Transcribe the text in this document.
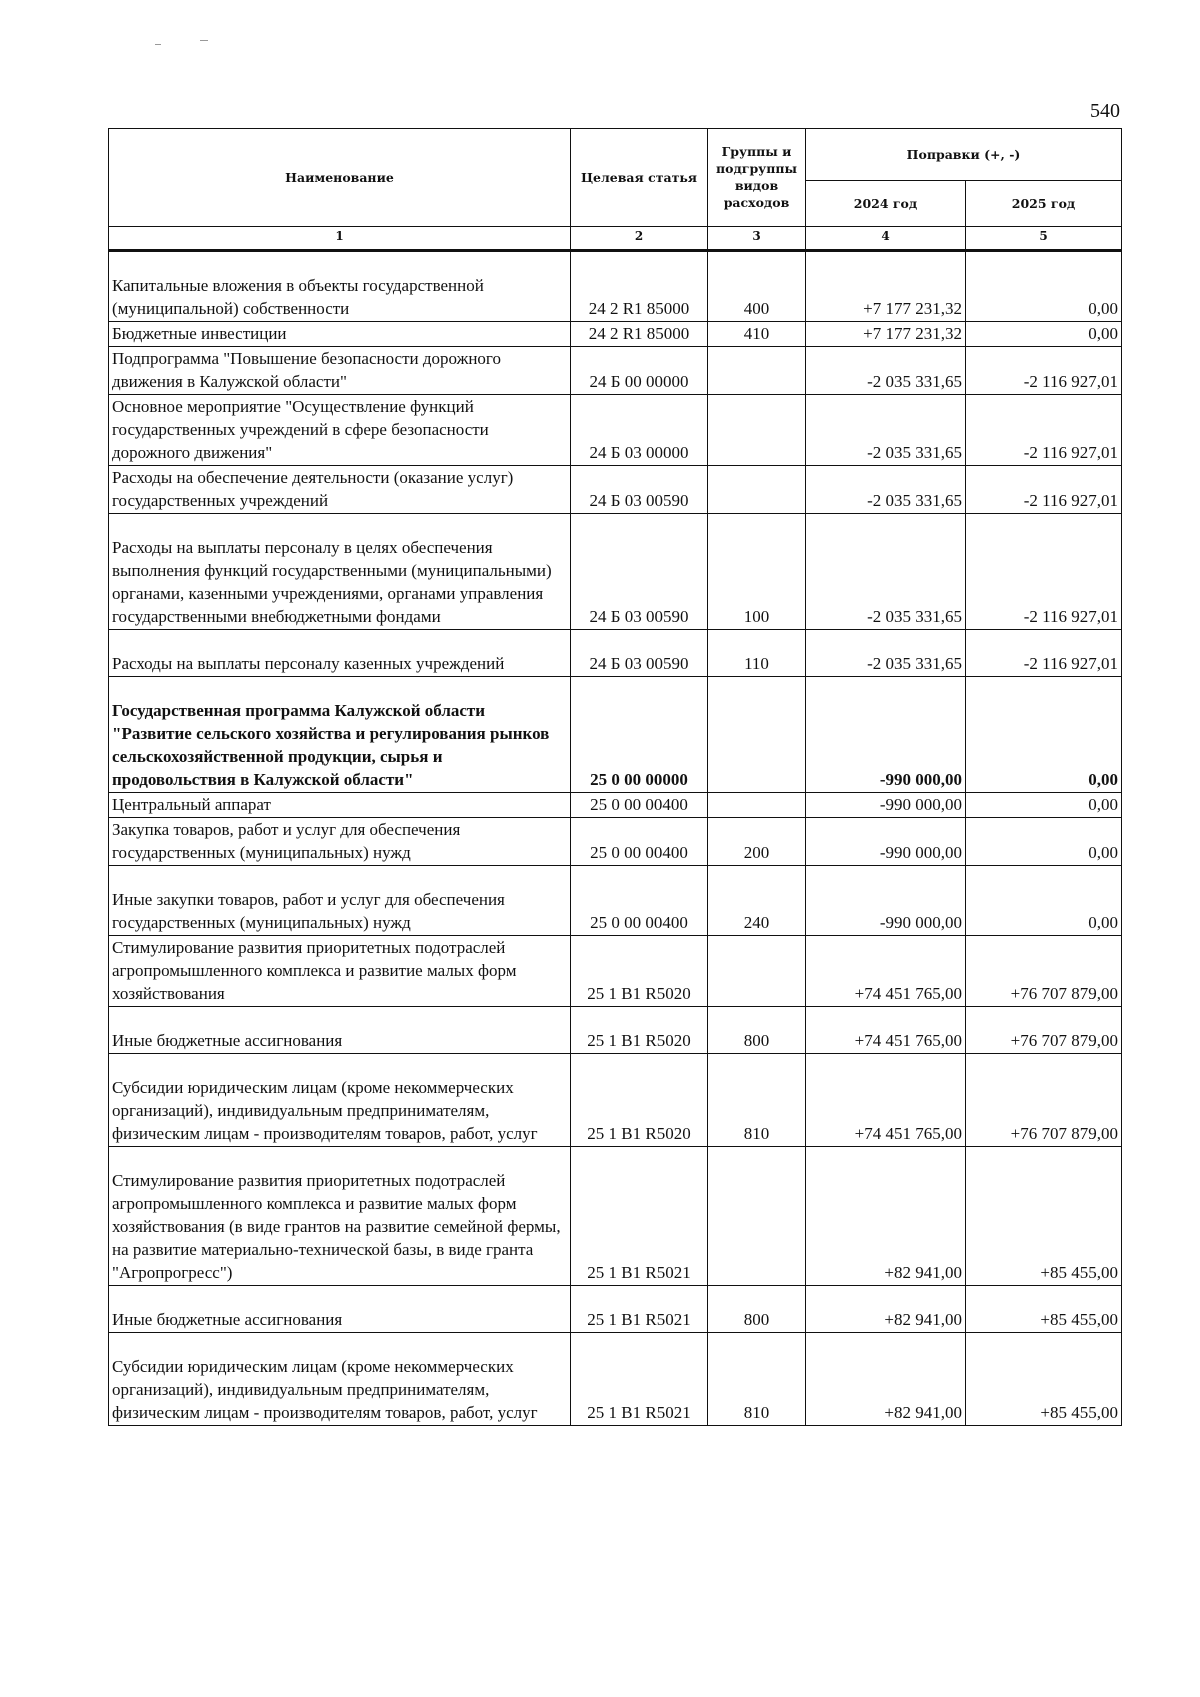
540
Наименование	Целевая статья	Группы и подгруппы видов расходов	Поправки (+, -)	
			2024 год	2025 год
1	2	3	4	5
Капитальные вложения в объекты государственной (муниципальной) собственности	24 2 R1 85000	400	+7 177 231,32	0,00
Бюджетные инвестиции	24 2 R1 85000	410	+7 177 231,32	0,00
Подпрограмма "Повышение безопасности дорожного движения в Калужской области"	24 Б 00 00000		-2 035 331,65	-2 116 927,01
Основное мероприятие "Осуществление функций государственных учреждений в сфере безопасности дорожного движения"	24 Б 03 00000		-2 035 331,65	-2 116 927,01
Расходы на обеспечение деятельности (оказание услуг) государственных учреждений	24 Б 03 00590		-2 035 331,65	-2 116 927,01
Расходы на выплаты персоналу в целях обеспечения выполнения функций государственными (муниципальными) органами, казенными учреждениями, органами управления государственными внебюджетными фондами	24 Б 03 00590	100	-2 035 331,65	-2 116 927,01
Расходы на выплаты персоналу казенных учреждений	24 Б 03 00590	110	-2 035 331,65	-2 116 927,01
Государственная программа Калужской области "Развитие сельского хозяйства и регулирования рынков сельскохозяйственной продукции, сырья и продовольствия в Калужской области"	25 0 00 00000		-990 000,00	0,00
Центральный аппарат	25 0 00 00400		-990 000,00	0,00
Закупка товаров, работ и услуг для обеспечения государственных (муниципальных) нужд	25 0 00 00400	200	-990 000,00	0,00
Иные закупки товаров, работ и услуг для обеспечения государственных (муниципальных) нужд	25 0 00 00400	240	-990 000,00	0,00
Стимулирование развития приоритетных подотраслей агропромышленного комплекса и развитие малых форм хозяйствования	25 1 В1 R5020		+74 451 765,00	+76 707 879,00
Иные бюджетные ассигнования	25 1 В1 R5020	800	+74 451 765,00	+76 707 879,00
Субсидии юридическим лицам (кроме некоммерческих организаций), индивидуальным предпринимателям, физическим лицам - производителям товаров, работ, услуг	25 1 В1 R5020	810	+74 451 765,00	+76 707 879,00
Стимулирование развития приоритетных подотраслей агропромышленного комплекса и развитие малых форм хозяйствования (в виде грантов на развитие семейной фермы, на развитие материально-технической базы, в виде гранта "Агропрогресс")	25 1 В1 R5021		+82 941,00	+85 455,00
Иные бюджетные ассигнования	25 1 В1 R5021	800	+82 941,00	+85 455,00
Субсидии юридическим лицам (кроме некоммерческих организаций), индивидуальным предпринимателям, физическим лицам - производителям товаров, работ, услуг	25 1 В1 R5021	810	+82 941,00	+85 455,00
